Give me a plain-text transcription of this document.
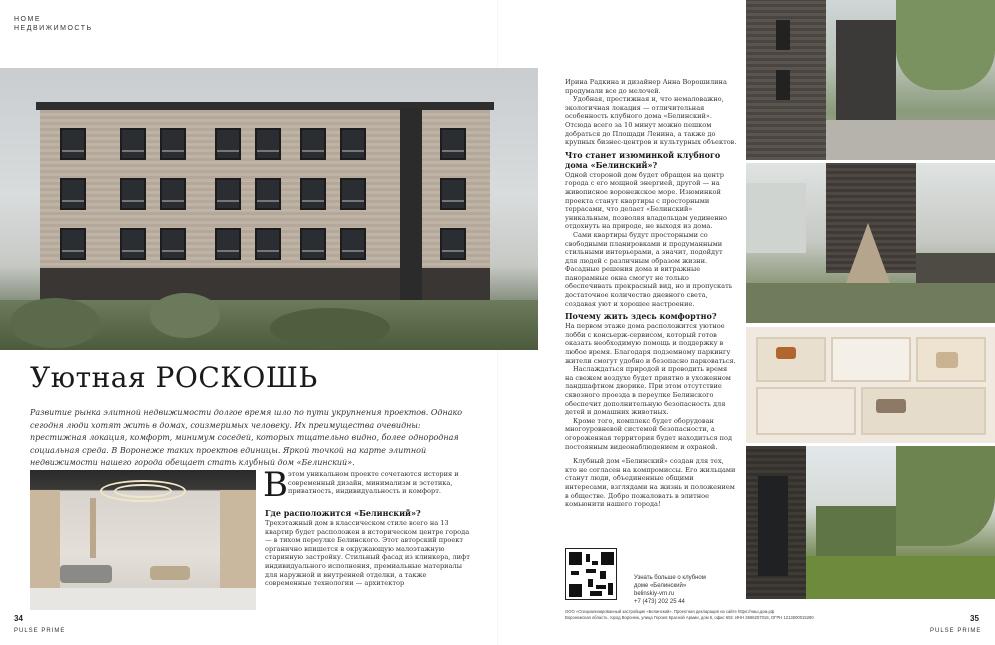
HOME
НЕДВИЖИМОСТЬ
Уютная РОСКОШЬ
Развитие рынка элитной недвижимости долгое время шло по пути укрупнения проектов. Однако сегодня люди хотят жить в домах, соизмеримых человеку. Их преимущества очевидны: престижная локация, комфорт, минимум соседей, которых тщательно видно, более однородная социальная среда. В Воронеже таких проектов единицы. Яркой точкой на карте элитной недвижимости нашего города обещает стать клубный дом «Белинский».
В этом уникальном проекте сочетаются история и современный дизайн, минимализм и эстетика, приватность, индивидуальность и комфорт.

Где расположится «Белинский»?

Трехэтажный дом в классическом стиле всего на 13 квартир будет расположен в историческом центре города — в тихом переулке Белинского. Этот авторский проект органично впишется в окружающую малоэтажную старинную застройку. Стильный фасад из клинкера, лифт индивидуального исполнения, премиальные материалы для наружной и внутренней отделки, а также современные технологии — архитектор

34
PULSE PRIME

Ирина Радкина и дизайнер Анна Ворошилина продумали все до мелочей.

Удобная, престижная и, что немаловажно, экологичная локация — отличительная особенность клубного дома «Белинский». Отсюда всего за 10 минут можно пешком добраться до Площади Ленина, а также до крупных бизнес-центров и культурных объектов.

Что станет изюминкой клубного дома «Белинский»?

Одной стороной дом будет обращен на центр города с его мощной энергией, другой — на живописное воронежское море. Изюминкой проекта станут квартиры с просторными террасами, что делает «Белинский» уникальным, позволяя владельцам уединенно отдохнуть на природе, не выходя из дома.

Сами квартиры будут просторными со свободными планировками и продуманными стильными интерьерами, а значит, подойдут для людей с различным образом жизни. Фасадные решения дома и витражные панорамные окна смогут не только обеспечивать прекрасный вид, но и пропускать достаточное количество дневного света, создавая уют и хорошее настроение.

Почему жить здесь комфортно?

На первом этаже дома расположится уютное лобби с консьерж-сервисом, который готов оказать необходимую помощь и поддержку в любое время. Благодаря подземному паркингу жители смогут удобно и безопасно парковаться.

Наслаждаться природой и проводить время на свежем воздухе будет приятно в ухоженном ландшафтном дворике. При этом отсутствие сквозного проезда в переулке Белинского обеспечит дополнительную безопасность для детей и домашних животных.

Кроме того, комплекс будет оборудован многоуровневой системой безопасности, а огороженная территория будет находиться под постоянным видеонаблюдением и охраной.

Клубный дом «Белинский» создан для тех, кто не согласен на компромиссы. Его жильцами станут люди, объединенные общими интересами, взглядами на жизнь и положением в обществе. Добро пожаловать в элитное комьюнити нашего города!

Узнать больше о клубном
доме «Белинский»
belinskiy-vrn.ru
+7 (473) 202 25 44
ООО «Специализированный застройщик «Белинский». Проектная декларация на сайте https://наш.дом.рф
Воронежская область, город Воронеж, улица Героев Красной Армии, дом 6, офис 602. ИНН 3666257018, ОГРН 1213600015280	35
PULSE PRIME
